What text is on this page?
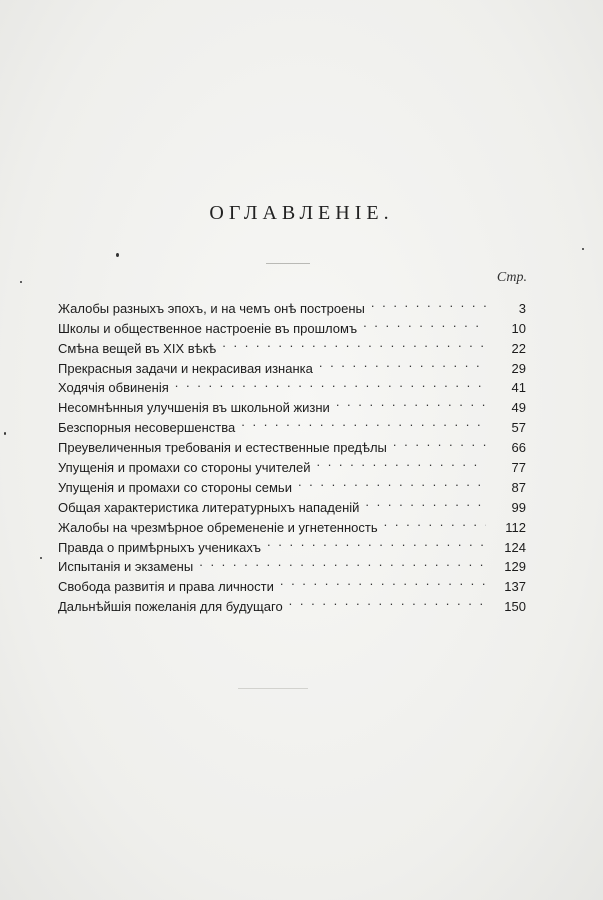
ОГЛАВЛЕНІЕ.
Стр.
Жалобы разныхъ эпохъ, и на чемъ онѣ построены . . .	3
Школы и общественное настроеніе въ прошломъ . . .	10
Смѣна вещей въ XIX вѣкѣ . . .	22
Прекрасныя задачи и некрасивая изнанка . . .	29
Ходячія обвиненія . . .	41
Несомнѣнныя улучшенія въ школьной жизни . . .	49
Безспорныя несовершенства . . .	57
Преувеличенныя требованія и естественные предѣлы . . .	66
Упущенія и промахи со стороны учителей . . .	77
Упущенія и промахи со стороны семьи . . .	87
Общая характеристика литературныхъ нападеній . . .	99
Жалобы на чрезмѣрное обремененіе и угнетенность . . .	112
Правда о примѣрныхъ ученикахъ . . .	124
Испытанія и экзамены . . .	129
Свобода развитія и права личности . . .	137
Дальнѣйшія пожеланія для будущаго . . .	150
